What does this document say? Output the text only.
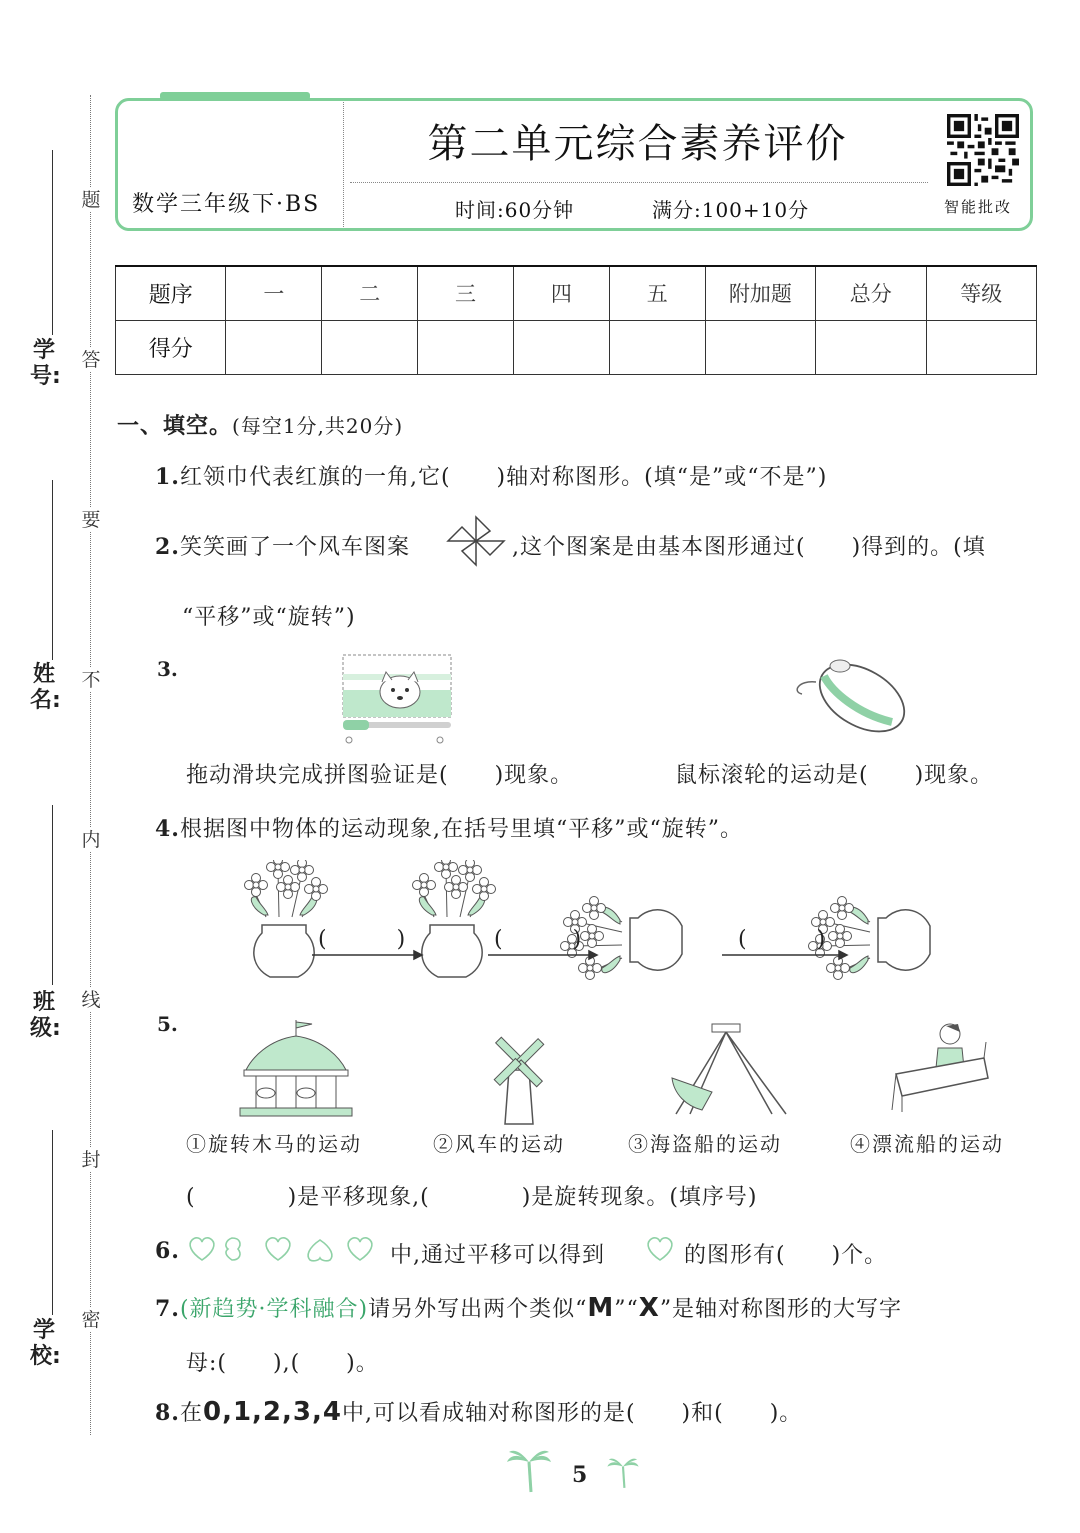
题
答
要
不
内
线
封
密
学号:
姓名:
班级:
学校:
第二单元综合素养评价
数学三年级下·BS	时间:60分钟	满分:100+10分	智能批改
题序	一	二	三	四	五	附加题	总分	等级
得分								
一、填空。(每空1分,共20分)
1.红领巾代表红旗的一角,它(　　)轴对称图形。(填“是”或“不是”)
2.笑笑画了一个风车图案	,这个图案是由基本图形通过(　　)得到的。(填
“平移”或“旋转”)
3.
拖动滑块完成拼图验证是(　　)现象。	鼠标滚轮的运动是(　　)现象。
4.根据图中物体的运动现象,在括号里填“平移”或“旋转”。
(　　　)	(　　　)	(　　　)
5.
①旋转木马的运动	②风车的运动	③海盗船的运动	④漂流船的运动
(　　　　)是平移现象,(　　　　)是旋转现象。(填序号)
6.	中,通过平移可以得到	的图形有(　　)个。
7.(新趋势·学科融合)请另外写出两个类似“M”“X”是轴对称图形的大写字
母:(　　),(　　)。
8.在0,1,2,3,4中,可以看成轴对称图形的是(　　)和(　　)。
5
